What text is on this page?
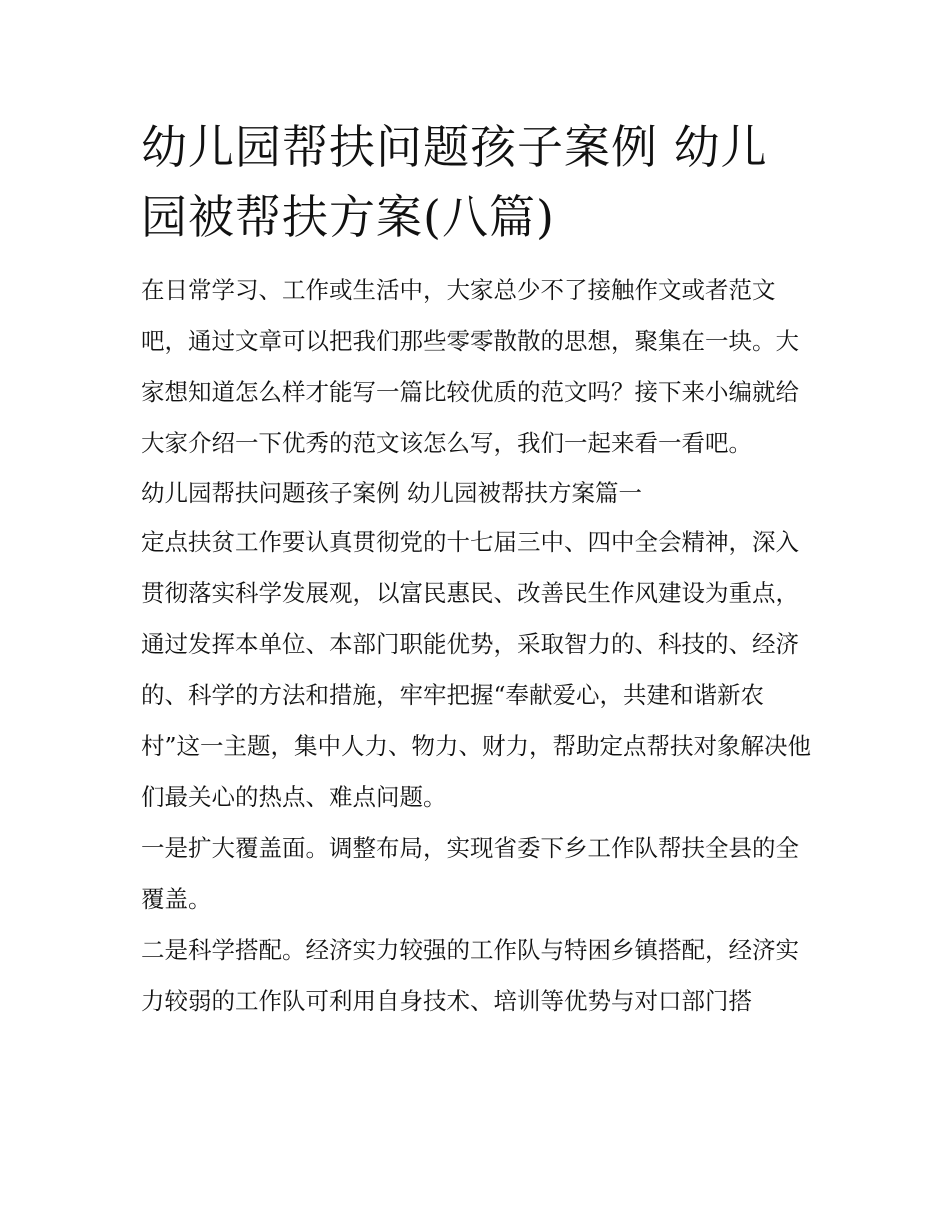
幼儿园帮扶问题孩子案例 幼儿园被帮扶方案(八篇)

在日常学习、工作或生活中，大家总少不了接触作文或者范文吧，通过文章可以把我们那些零零散散的思想，聚集在一块。大家想知道怎么样才能写一篇比较优质的范文吗？接下来小编就给大家介绍一下优秀的范文该怎么写，我们一起来看一看吧。

幼儿园帮扶问题孩子案例 幼儿园被帮扶方案篇一

定点扶贫工作要认真贯彻党的十七届三中、四中全会精神，深入贯彻落实科学发展观，以富民惠民、改善民生作风建设为重点，通过发挥本单位、本部门职能优势，采取智力的、科技的、经济的、科学的方法和措施，牢牢把握“奉献爱心，共建和谐新农村”这一主题，集中人力、物力、财力，帮助定点帮扶对象解决他们最关心的热点、难点问题。

一是扩大覆盖面。调整布局，实现省委下乡工作队帮扶全县的全覆盖。

二是科学搭配。经济实力较强的工作队与特困乡镇搭配，经济实力较弱的工作队可利用自身技术、培训等优势与对口部门搭
